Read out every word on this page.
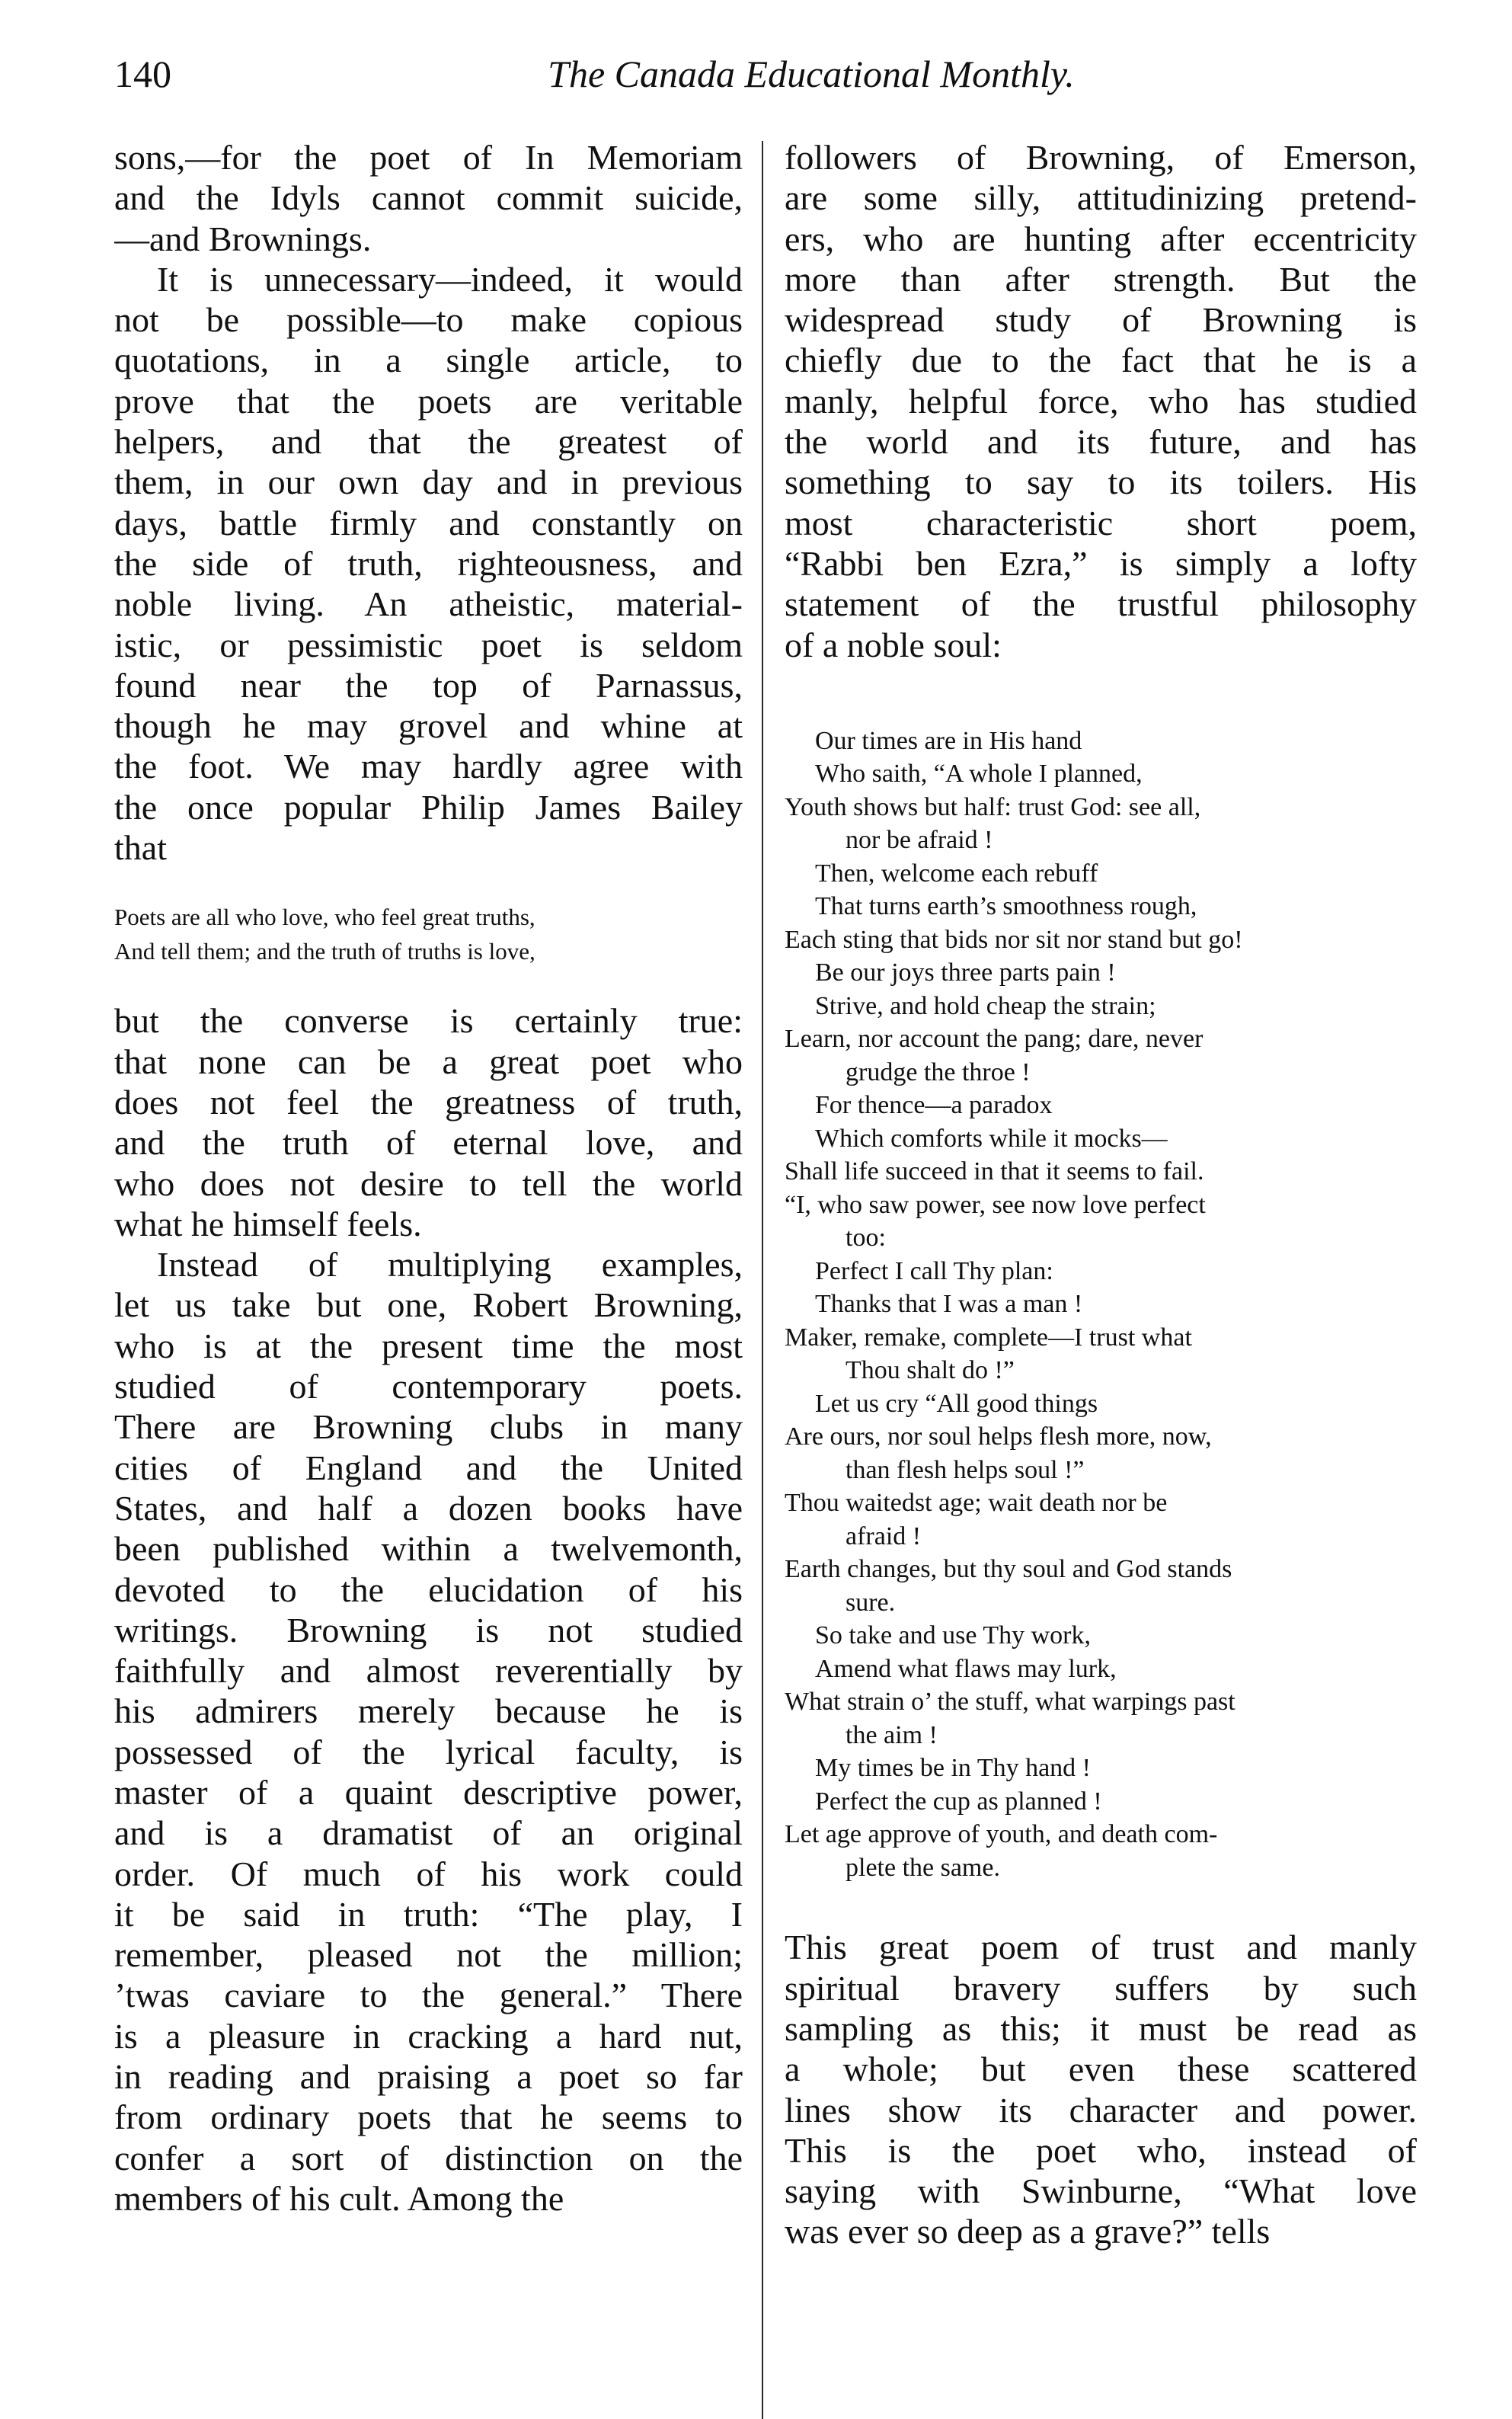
140	The Canada Educational Monthly.
sons,—for the poet of In Memoriam
and the Idyls cannot commit suicide,
—and Brownings.
It is unnecessary—indeed, it would
not be possible—to make copious
quotations, in a single article, to
prove that the poets are veritable
helpers, and that the greatest of
them, in our own day and in previous
days, battle firmly and constantly on
the side of truth, righteousness, and
noble living. An atheistic, material-
istic, or pessimistic poet is seldom
found near the top of Parnassus,
though he may grovel and whine at
the foot. We may hardly agree with
the once popular Philip James Bailey
that
Poets are all who love, who feel great truths,
And tell them; and the truth of truths is love,
but the converse is certainly true:
that none can be a great poet who
does not feel the greatness of truth,
and the truth of eternal love, and
who does not desire to tell the world
what he himself feels.
Instead of multiplying examples,
let us take but one, Robert Browning,
who is at the present time the most
studied of contemporary poets.
There are Browning clubs in many
cities of England and the United
States, and half a dozen books have
been published within a twelvemonth,
devoted to the elucidation of his
writings. Browning is not studied
faithfully and almost reverentially by
his admirers merely because he is
possessed of the lyrical faculty, is
master of a quaint descriptive power,
and is a dramatist of an original
order. Of much of his work could
it be said in truth: “The play, I
remember, pleased not the million;
’twas caviare to the general.” There
is a pleasure in cracking a hard nut,
in reading and praising a poet so far
from ordinary poets that he seems to
confer a sort of distinction on the
members of his cult. Among the
followers of Browning, of Emerson,
are some silly, attitudinizing pretend-
ers, who are hunting after eccentricity
more than after strength. But the
widespread study of Browning is
chiefly due to the fact that he is a
manly, helpful force, who has studied
the world and its future, and has
something to say to its toilers. His
most characteristic short poem,
“Rabbi ben Ezra,” is simply a lofty
statement of the trustful philosophy
of a noble soul:
Our times are in His hand
Who saith, “A whole I planned,
Youth shows but half: trust God: see all,
nor be afraid !
Then, welcome each rebuff
That turns earth’s smoothness rough,
Each sting that bids nor sit nor stand but go!
Be our joys three parts pain !
Strive, and hold cheap the strain;
Learn, nor account the pang; dare, never
grudge the throe !
For thence—a paradox
Which comforts while it mocks—
Shall life succeed in that it seems to fail.
“I, who saw power, see now love perfect
too:
Perfect I call Thy plan:
Thanks that I was a man !
Maker, remake, complete—I trust what
Thou shalt do !”
Let us cry “All good things
Are ours, nor soul helps flesh more, now,
than flesh helps soul !”
Thou waitedst age; wait death nor be
afraid !
Earth changes, but thy soul and God stands
sure.
So take and use Thy work,
Amend what flaws may lurk,
What strain o’ the stuff, what warpings past
the aim !
My times be in Thy hand !
Perfect the cup as planned !
Let age approve of youth, and death com-
plete the same.
This great poem of trust and manly
spiritual bravery suffers by such
sampling as this; it must be read as
a whole; but even these scattered
lines show its character and power.
This is the poet who, instead of
saying with Swinburne, “What love
was ever so deep as a grave?” tells
